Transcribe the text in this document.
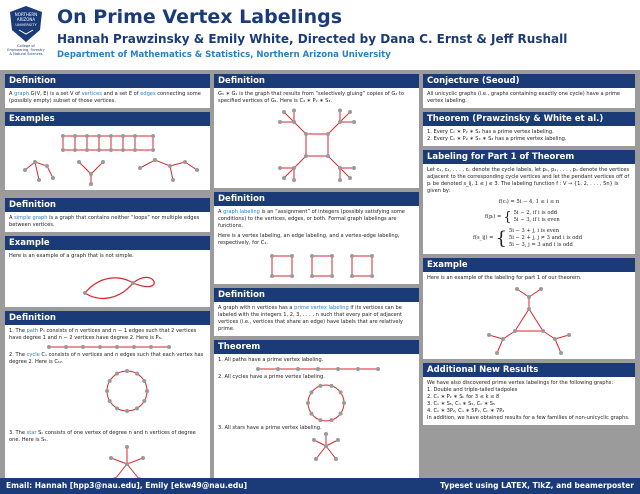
NORTHERN
ARIZONA
UNIVERSITY
College of
Engineering, Forestry
& Natural Sciences
On Prime Vertex Labelings
Hannah Prawzinsky & Emily White, Directed by Dana C. Ernst & Jeff Rushall
Department of Mathematics & Statistics, Northern Arizona University
Definition
A graph G(V, E) is a set V of vertices and a set E of edges connecting some (possibly empty) subset of those vertices.
Examples
Definition
A simple graph is a graph that contains neither “loops” nor multiple edges between vertices.
Example
Here is an example of a graph that is not simple.
Definition
1. The path Pₙ consists of n vertices and n − 1 edges such that 2 vertices have degree 1 and n − 2 vertices have degree 2. Here is P₈.
2. The cycle Cₙ consists of n vertices and n edges such that each vertex has degree 2. Here is C₁₂.
3. The star Sₙ consists of one vertex of degree n and n vertices of degree one. Here is S₅.
Definition
G₁ ∗ G₂ is the graph that results from “selectively gluing” copies of G₂ to specified vertices of G₁. Here is C₄ ∗ P₂ ∗ S₃.
Definition
A graph labeling is an “assignment” of integers (possibly satisfying some conditions) to the vertices, edges, or both. Formal graph labelings are functions.
Here is a vertex labeling, an edge labeling, and a vertex-edge labeling, respectively, for C₄.
Definition
A graph with n vertices has a prime vertex labeling if its vertices can be labeled with the integers 1, 2, 3, . . . , n such that every pair of adjacent vertices (i.e., vertices that share an edge) have labels that are relatively prime.
Theorem
1. All paths have a prime vertex labeling.
2. All cycles have a prime vertex labeling.
3. All stars have a prime vertex labeling.
Conjecture (Seoud)
All unicyclic graphs (i.e., graphs containing exactly one cycle) have a prime vertex labeling.
Theorem (Prawzinsky & White et al.)
1. Every Cₙ ∗ P₂ ∗ S₂ has a prime vertex labeling.
2. Every Cₙ ∗ P₂ ∗ S₃ ∗ S₂ has a prime vertex labeling.
Labeling for Part 1 of Theorem
Let c₁, c₂, . . . , cₙ denote the cycle labels, let p₁, p₂, . . . , pₙ denote the vertices adjacent to the corresponding cycle vertices and let the pendant vertices off of pᵢ be denoted s_ij, 1 ≤ j ≤ 3. The labeling function f : V → {1, 2, . . . , 5n} is given by:
f(cᵢ) = 5i − 4, 1 ≤ i ≤ n
f(pᵢ) = { 5i − 2, if i is odd
5i − 3, if i is even
f(s_ij) = { 5i − 3 + j, i is even
5i − 2 + j, j ≠ 3 and i is odd
5i − 3, j = 3 and i is odd
Example
Here is an example of the labeling for part 1 of our theorem.
Additional New Results
We have also discovered prime vertex labelings for the following graphs:
1. Double and triple-tailed tadpoles
2. Cₙ ∗ P₂ ∗ Sₖ for 3 ≤ k ≤ 8
3. Cₙ ∗ S₅, Cₙ ∗ S₅, Cₙ ∗ S₅
4. Cₙ ∗ 3P₂, Cₙ ∗ 5P₂, Cₙ ∗ 7P₂
In addition, we have obtained results for a few families of non-unicyclic graphs.
Email: Hannah [hpp3@nau.edu], Emily [ekw49@nau.edu]	Typeset using LATEX, TikZ, and beamerposter
